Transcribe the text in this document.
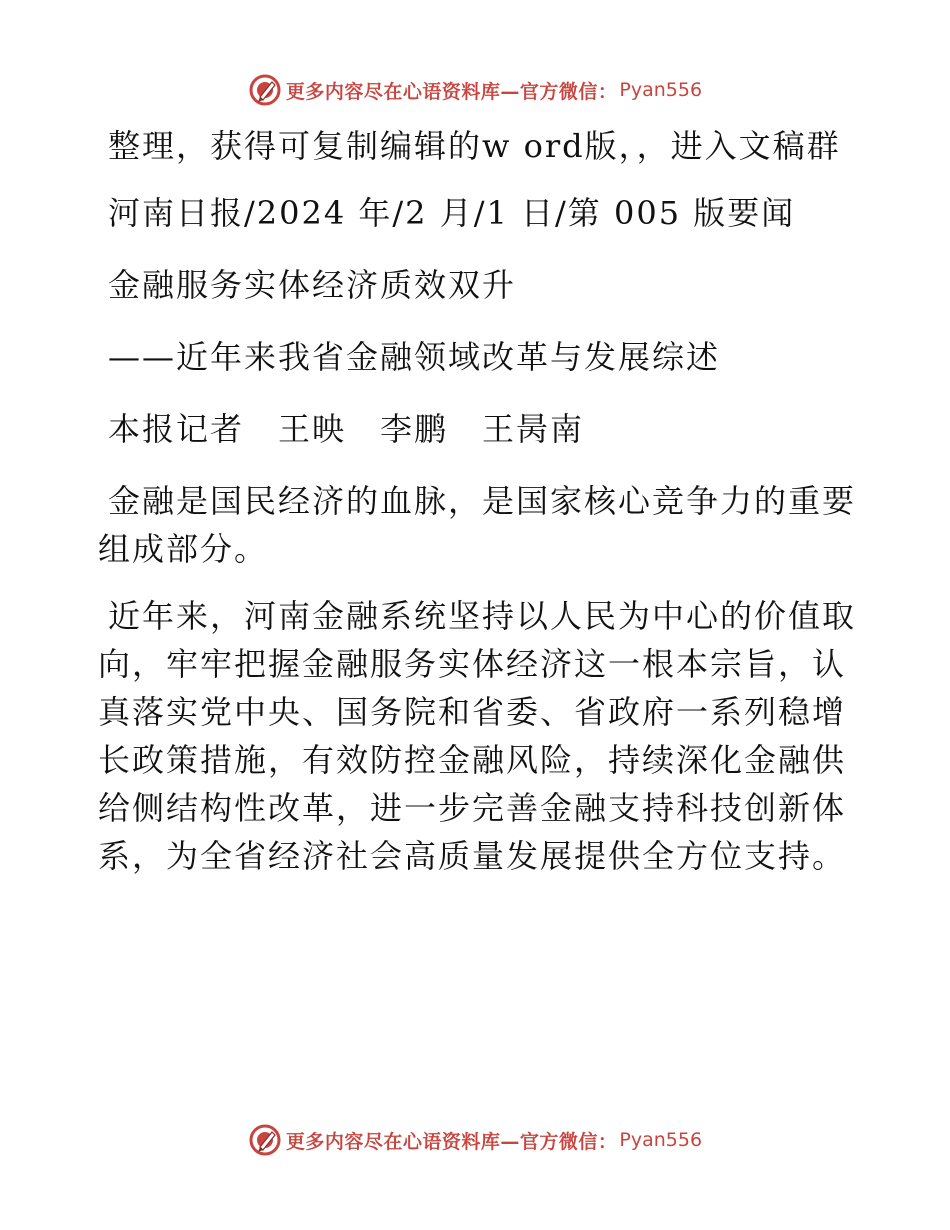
更多内容尽在心语资料库—官方微信： Pyan556

整理，获得可复制编辑的w ord版，，进入文稿群

河南日报/2024 年/2 月/1 日/第 005 版要闻

金融服务实体经济质效双升

——近年来我省金融领域改革与发展综述

本报记者　王映　李鹏　王昺南

金融是国民经济的血脉，是国家核心竞争力的重要组成部分。

近年来，河南金融系统坚持以人民为中心的价值取向，牢牢把握金融服务实体经济这一根本宗旨，认真落实党中央、国务院和省委、省政府一系列稳增长政策措施，有效防控金融风险，持续深化金融供给侧结构性改革，进一步完善金融支持科技创新体系，为全省经济社会高质量发展提供全方位支持。

更多内容尽在心语资料库—官方微信： Pyan556
